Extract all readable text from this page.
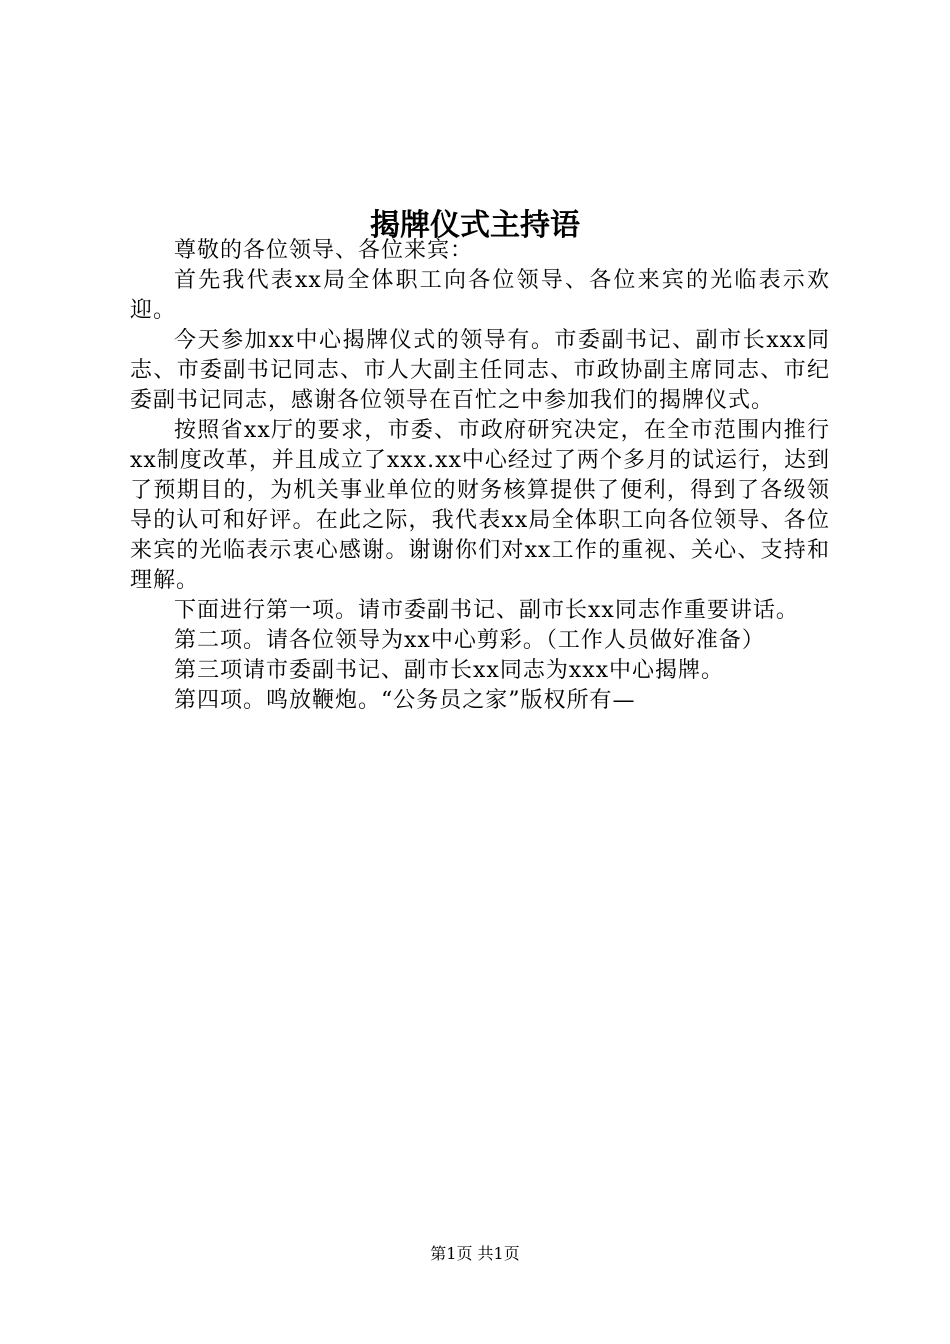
揭牌仪式主持语

尊敬的各位领导、各位来宾：

首先我代表xx局全体职工向各位领导、各位来宾的光临表示欢迎。

今天参加xx中心揭牌仪式的领导有。市委副书记、副市长xxx同志、市委副书记同志、市人大副主任同志、市政协副主席同志、市纪委副书记同志，感谢各位领导在百忙之中参加我们的揭牌仪式。

按照省xx厅的要求，市委、市政府研究决定，在全市范围内推行xx制度改革，并且成立了xxx.xx中心经过了两个多月的试运行，达到了预期目的，为机关事业单位的财务核算提供了便利，得到了各级领导的认可和好评。在此之际，我代表xx局全体职工向各位领导、各位来宾的光临表示衷心感谢。谢谢你们对xx工作的重视、关心、支持和理解。

下面进行第一项。请市委副书记、副市长xx同志作重要讲话。

第二项。请各位领导为xx中心剪彩。（工作人员做好准备）

第三项请市委副书记、副市长xx同志为xxx中心揭牌。

第四项。鸣放鞭炮。“公务员之家”版权所有—

第1页 共1页
